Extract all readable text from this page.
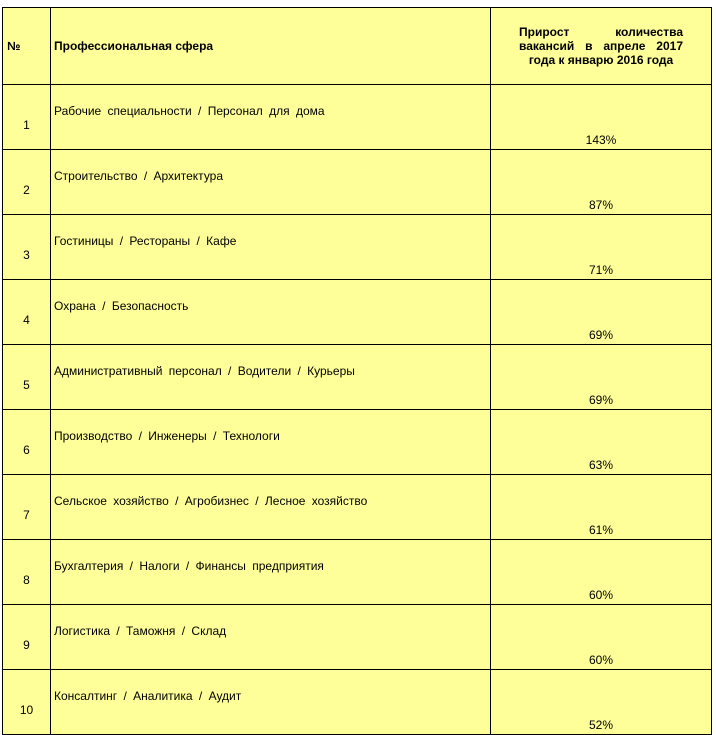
№	Профессиональная сфера	Прирост количества вакансий в апреле 2017 года к январю 2016 года
1	Рабочие специальности / Персонал для дома	143%
2	Строительство / Архитектура	87%
3	Гостиницы / Рестораны / Кафе	71%
4	Охрана / Безопасность	69%
5	Административный персонал / Водители / Курьеры	69%
6	Производство / Инженеры / Технологи	63%
7	Сельское хозяйство / Агробизнес / Лесное хозяйство	61%
8	Бухгалтерия / Налоги / Финансы предприятия	60%
9	Логистика / Таможня / Склад	60%
10	Консалтинг / Аналитика / Аудит	52%
